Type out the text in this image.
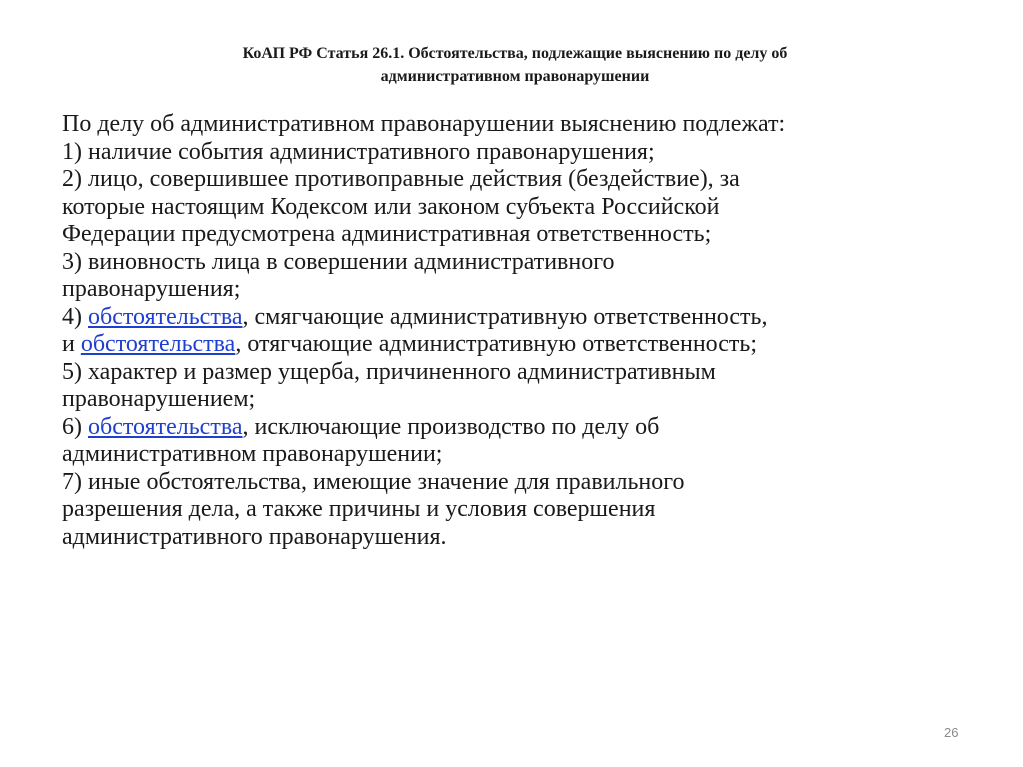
КоАП РФ Статья 26.1. Обстоятельства, подлежащие выяснению по делу об
административном правонарушении
По делу об административном правонарушении выяснению подлежат:
1) наличие события административного правонарушения;
2) лицо, совершившее противоправные действия (бездействие), за
которые настоящим Кодексом или законом субъекта Российской
Федерации предусмотрена административная ответственность;
3) виновность лица в совершении административного
правонарушения;
4) обстоятельства, смягчающие административную ответственность,
и обстоятельства, отягчающие административную ответственность;
5) характер и размер ущерба, причиненного административным
правонарушением;
6) обстоятельства, исключающие производство по делу об
административном правонарушении;
7) иные обстоятельства, имеющие значение для правильного
разрешения дела, а также причины и условия совершения
административного правонарушения.
26
